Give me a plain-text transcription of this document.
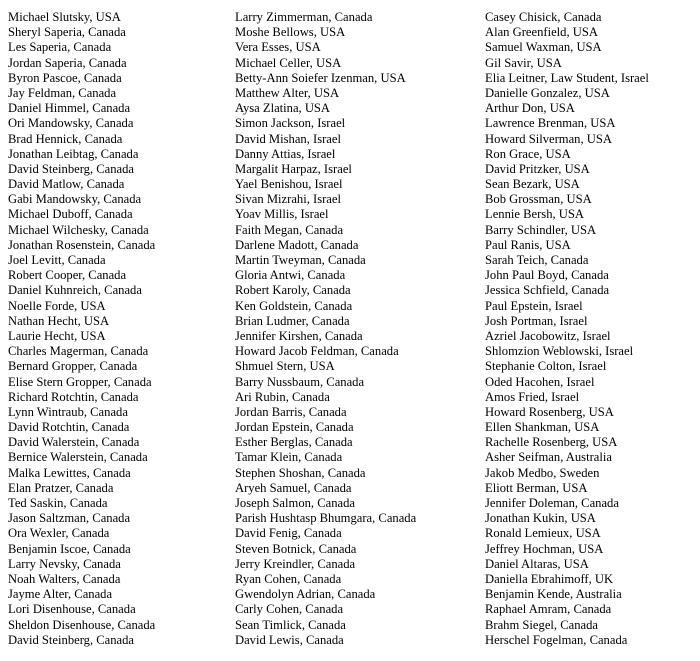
Michael Slutsky, USA
Sheryl Saperia, Canada
Les Saperia, Canada
Jordan Saperia, Canada
Byron Pascoe, Canada
Jay Feldman, Canada
Daniel Himmel, Canada
Ori Mandowsky, Canada
Brad Hennick, Canada
Jonathan Leibtag, Canada
David Steinberg, Canada
David Matlow, Canada
Gabi Mandowsky, Canada
Michael Duboff, Canada
Michael Wilchesky, Canada
Jonathan Rosenstein, Canada
Joel Levitt, Canada
Robert Cooper, Canada
Daniel Kuhnreich, Canada
Noelle Forde, USA
Nathan Hecht, USA
Laurie Hecht, USA
Charles Magerman, Canada
Bernard Gropper, Canada
Elise Stern Gropper, Canada
Richard Rotchtin, Canada
Lynn Wintraub, Canada
David Rotchtin, Canada
David Walerstein, Canada
Bernice Walerstein, Canada
Malka Lewittes, Canada
Elan Pratzer, Canada
Ted Saskin, Canada
Jason Saltzman, Canada
Ora Wexler, Canada
Benjamin Iscoe, Canada
Larry Nevsky, Canada
Noah Walters, Canada
Jayme Alter, Canada
Lori Disenhouse, Canada
Sheldon Disenhouse, Canada
David Steinberg, Canada
Larry Zimmerman, Canada
Moshe Bellows, USA
Vera Esses, USA
Michael Celler, USA
Betty-Ann Soiefer Izenman, USA
Matthew Alter, USA
Aysa Zlatina, USA
Simon Jackson, Israel
David Mishan, Israel
Danny Attias, Israel
Margalit Harpaz, Israel
Yael Benishou, Israel
Sivan Mizrahi, Israel
Yoav Millis, Israel
Faith Megan, Canada
Darlene Madott, Canada
Martin Tweyman, Canada
Gloria Antwi, Canada
Robert Karoly, Canada
Ken Goldstein, Canada
Brian Ludmer, Canada
Jennifer Kirshen, Canada
Howard Jacob Feldman, Canada
Shmuel Stern, USA
Barry Nussbaum, Canada
Ari Rubin, Canada
Jordan Barris, Canada
Jordan Epstein, Canada
Esther Berglas, Canada
Tamar Klein, Canada
Stephen Shoshan, Canada
Aryeh Samuel, Canada
Joseph Salmon, Canada
Parish Hushtasp Bhumgara, Canada
David Fenig, Canada
Steven Botnick, Canada
Jerry Kreindler, Canada
Ryan Cohen, Canada
Gwendolyn Adrian, Canada
Carly Cohen, Canada
Sean Timlick, Canada
David Lewis, Canada
Casey Chisick, Canada
Alan Greenfield, USA
Samuel Waxman, USA
Gil Savir, USA
Elia Leitner, Law Student, Israel
Danielle Gonzalez, USA
Arthur Don, USA
Lawrence Brenman, USA
Howard Silverman, USA
Ron Grace, USA
David Pritzker, USA
Sean Bezark, USA
Bob Grossman, USA
Lennie Bersh, USA
Barry Schindler, USA
Paul Ranis, USA
Sarah Teich, Canada
John Paul Boyd, Canada
Jessica Schfield, Canada
Paul Epstein, Israel
Josh Portman, Israel
Azriel Jacobowitz, Israel
Shlomzion Weblowski, Israel
Stephanie Colton, Israel
Oded Hacohen, Israel
Amos Fried, Israel
Howard Rosenberg, USA
Ellen Shankman, USA
Rachelle Rosenberg, USA
Asher Seifman, Australia
Jakob Medbo, Sweden
Eliott Berman, USA
Jennifer Doleman, Canada
Jonathan Kukin, USA
Ronald Lemieux, USA
Jeffrey Hochman, USA
Daniel Altaras, USA
Daniella Ebrahimoff, UK
Benjamin Kende, Australia
Raphael Amram, Canada
Brahm Siegel, Canada
Herschel Fogelman, Canada
